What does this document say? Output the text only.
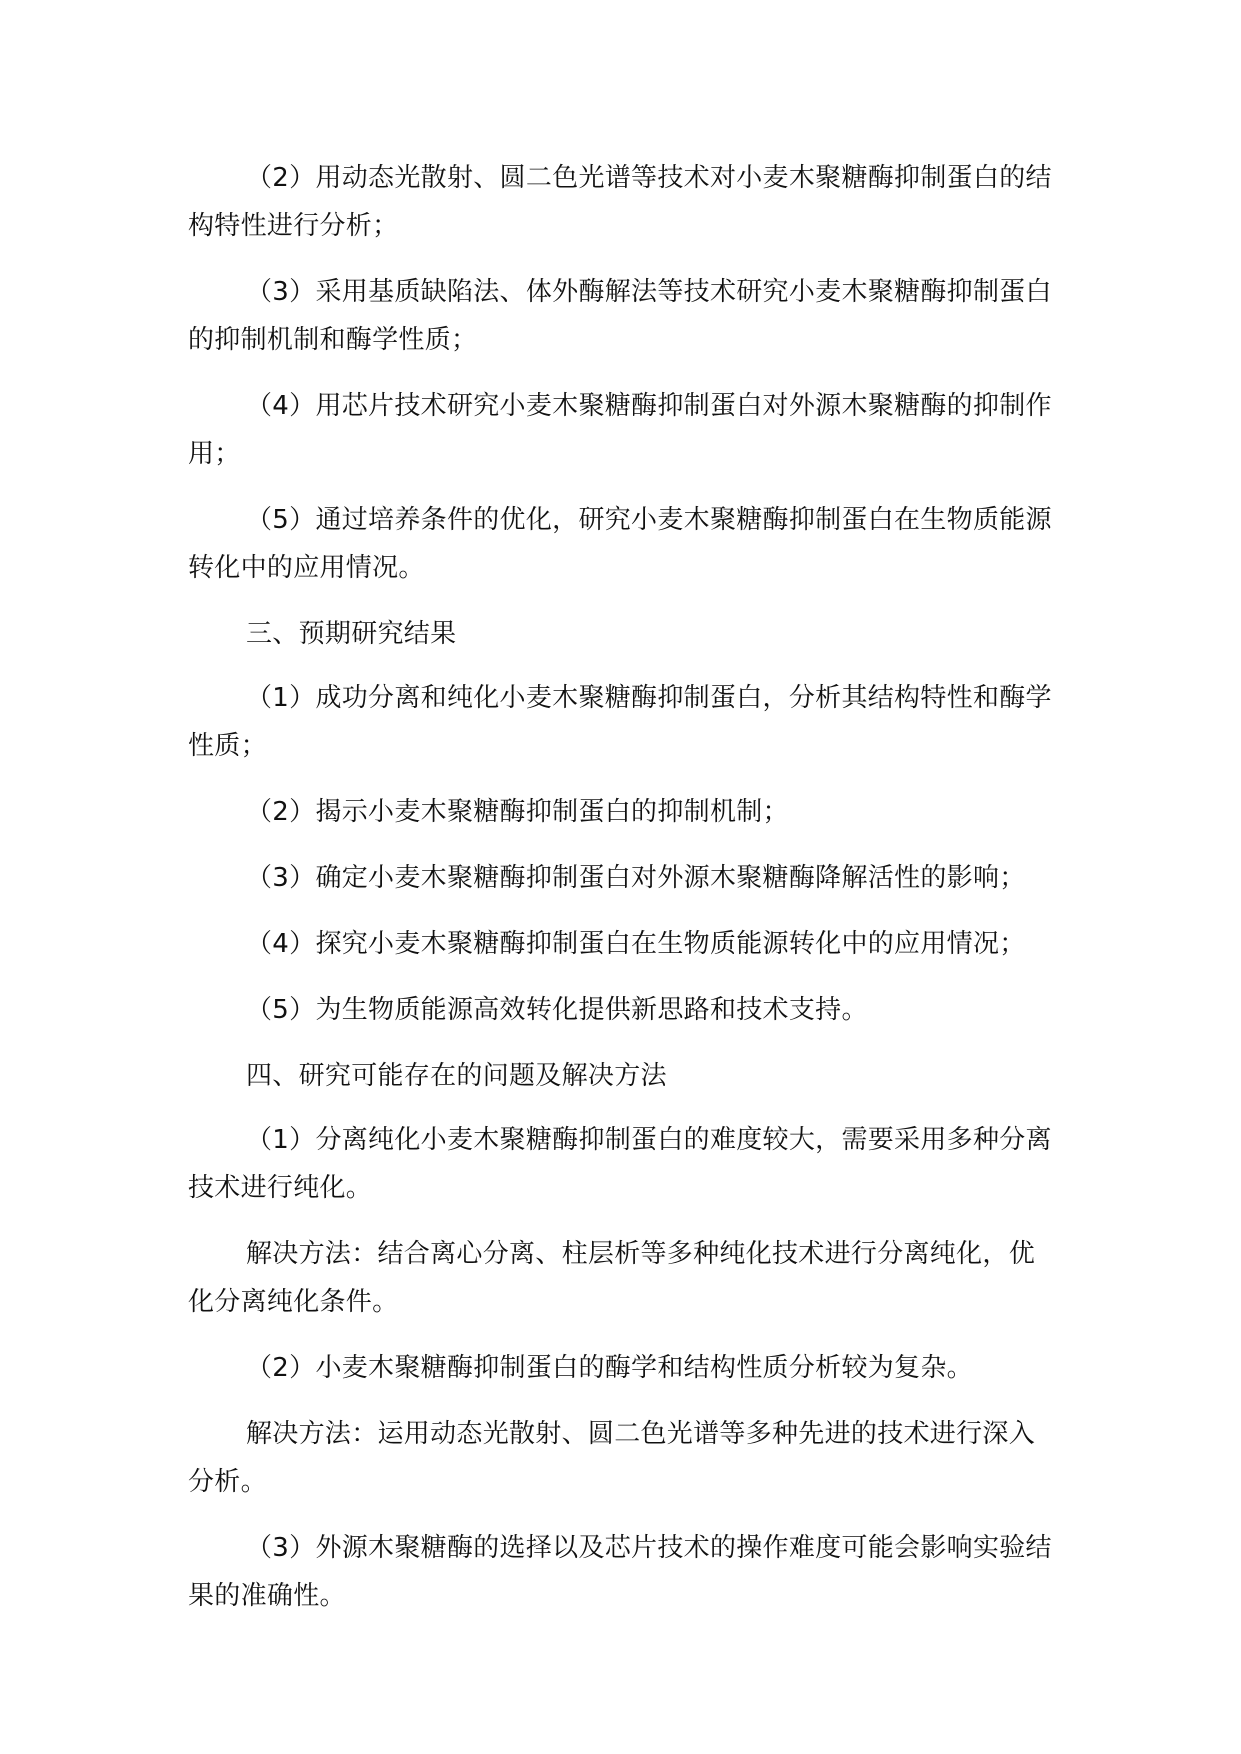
（2）用动态光散射、圆二色光谱等技术对小麦木聚糖酶抑制蛋白的结构特性进行分析；

（3）采用基质缺陷法、体外酶解法等技术研究小麦木聚糖酶抑制蛋白的抑制机制和酶学性质；

（4）用芯片技术研究小麦木聚糖酶抑制蛋白对外源木聚糖酶的抑制作用；

（5）通过培养条件的优化，研究小麦木聚糖酶抑制蛋白在生物质能源转化中的应用情况。

三、预期研究结果

（1）成功分离和纯化小麦木聚糖酶抑制蛋白，分析其结构特性和酶学性质；

（2）揭示小麦木聚糖酶抑制蛋白的抑制机制；

（3）确定小麦木聚糖酶抑制蛋白对外源木聚糖酶降解活性的影响；

（4）探究小麦木聚糖酶抑制蛋白在生物质能源转化中的应用情况；

（5）为生物质能源高效转化提供新思路和技术支持。

四、研究可能存在的问题及解决方法

（1）分离纯化小麦木聚糖酶抑制蛋白的难度较大，需要采用多种分离技术进行纯化。

解决方法：结合离心分离、柱层析等多种纯化技术进行分离纯化，优化分离纯化条件。

（2）小麦木聚糖酶抑制蛋白的酶学和结构性质分析较为复杂。

解决方法：运用动态光散射、圆二色光谱等多种先进的技术进行深入分析。

（3）外源木聚糖酶的选择以及芯片技术的操作难度可能会影响实验结果的准确性。
